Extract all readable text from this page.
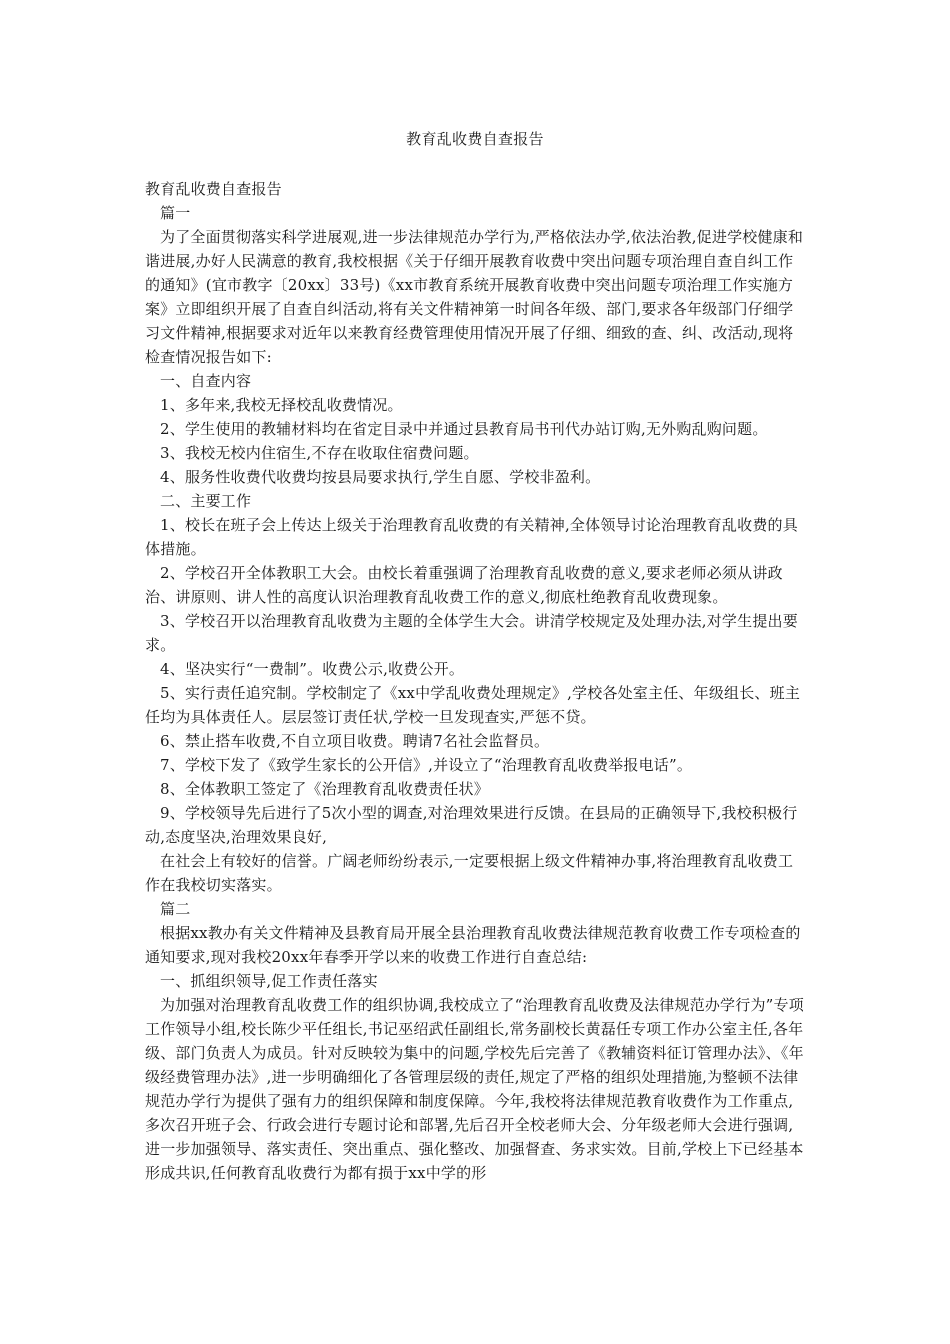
教育乱收费自查报告

教育乱收费自查报告

篇一

为了全面贯彻落实科学进展观,进一步法律规范办学行为,严格依法办学,依法治教,促进学校健康和谐进展,办好人民满意的教育,我校根据《关于仔细开展教育收费中突出问题专项治理自查自纠工作的通知》(宜市教字〔20xx〕33号)《xx市教育系统开展教育收费中突出问题专项治理工作实施方案》立即组织开展了自查自纠活动,将有关文件精神第一时间各年级、部门,要求各年级部门仔细学习文件精神,根据要求对近年以来教育经费管理使用情况开展了仔细、细致的查、纠、改活动,现将检查情况报告如下:

一、自查内容

1、多年来,我校无择校乱收费情况。

2、学生使用的教辅材料均在省定目录中并通过县教育局书刊代办站订购,无外购乱购问题。

3、我校无校内住宿生,不存在收取住宿费问题。

4、服务性收费代收费均按县局要求执行,学生自愿、学校非盈利。

二、主要工作

1、校长在班子会上传达上级关于治理教育乱收费的有关精神,全体领导讨论治理教育乱收费的具体措施。

2、学校召开全体教职工大会。由校长着重强调了治理教育乱收费的意义,要求老师必须从讲政治、讲原则、讲人性的高度认识治理教育乱收费工作的意义,彻底杜绝教育乱收费现象。

3、学校召开以治理教育乱收费为主题的全体学生大会。讲清学校规定及处理办法,对学生提出要求。

4、坚决实行“一费制”。收费公示,收费公开。

5、实行责任追究制。学校制定了《xx中学乱收费处理规定》,学校各处室主任、年级组长、班主任均为具体责任人。层层签订责任状,学校一旦发现查实,严惩不贷。

6、禁止搭车收费,不自立项目收费。聘请7名社会监督员。

7、学校下发了《致学生家长的公开信》,并设立了“治理教育乱收费举报电话”。

8、全体教职工签定了《治理教育乱收费责任状》

9、学校领导先后进行了5次小型的调查,对治理效果进行反馈。在县局的正确领导下,我校积极行动,态度坚决,治理效果良好,

在社会上有较好的信誉。广阔老师纷纷表示,一定要根据上级文件精神办事,将治理教育乱收费工作在我校切实落实。

篇二

根据xx教办有关文件精神及县教育局开展全县治理教育乱收费法律规范教育收费工作专项检查的通知要求,现对我校20xx年春季开学以来的收费工作进行自查总结:

一、抓组织领导,促工作责任落实

为加强对治理教育乱收费工作的组织协调,我校成立了“治理教育乱收费及法律规范办学行为”专项工作领导小组,校长陈少平任组长,书记巫绍武任副组长,常务副校长黄磊任专项工作办公室主任,各年级、部门负责人为成员。针对反映较为集中的问题,学校先后完善了《教辅资料征订管理办法》、《年级经费管理办法》,进一步明确细化了各管理层级的责任,规定了严格的组织处理措施,为整顿不法律规范办学行为提供了强有力的组织保障和制度保障。今年,我校将法律规范教育收费作为工作重点,多次召开班子会、行政会进行专题讨论和部署,先后召开全校老师大会、分年级老师大会进行强调,进一步加强领导、落实责任、突出重点、强化整改、加强督查、务求实效。目前,学校上下已经基本形成共识,任何教育乱收费行为都有损于xx中学的形
